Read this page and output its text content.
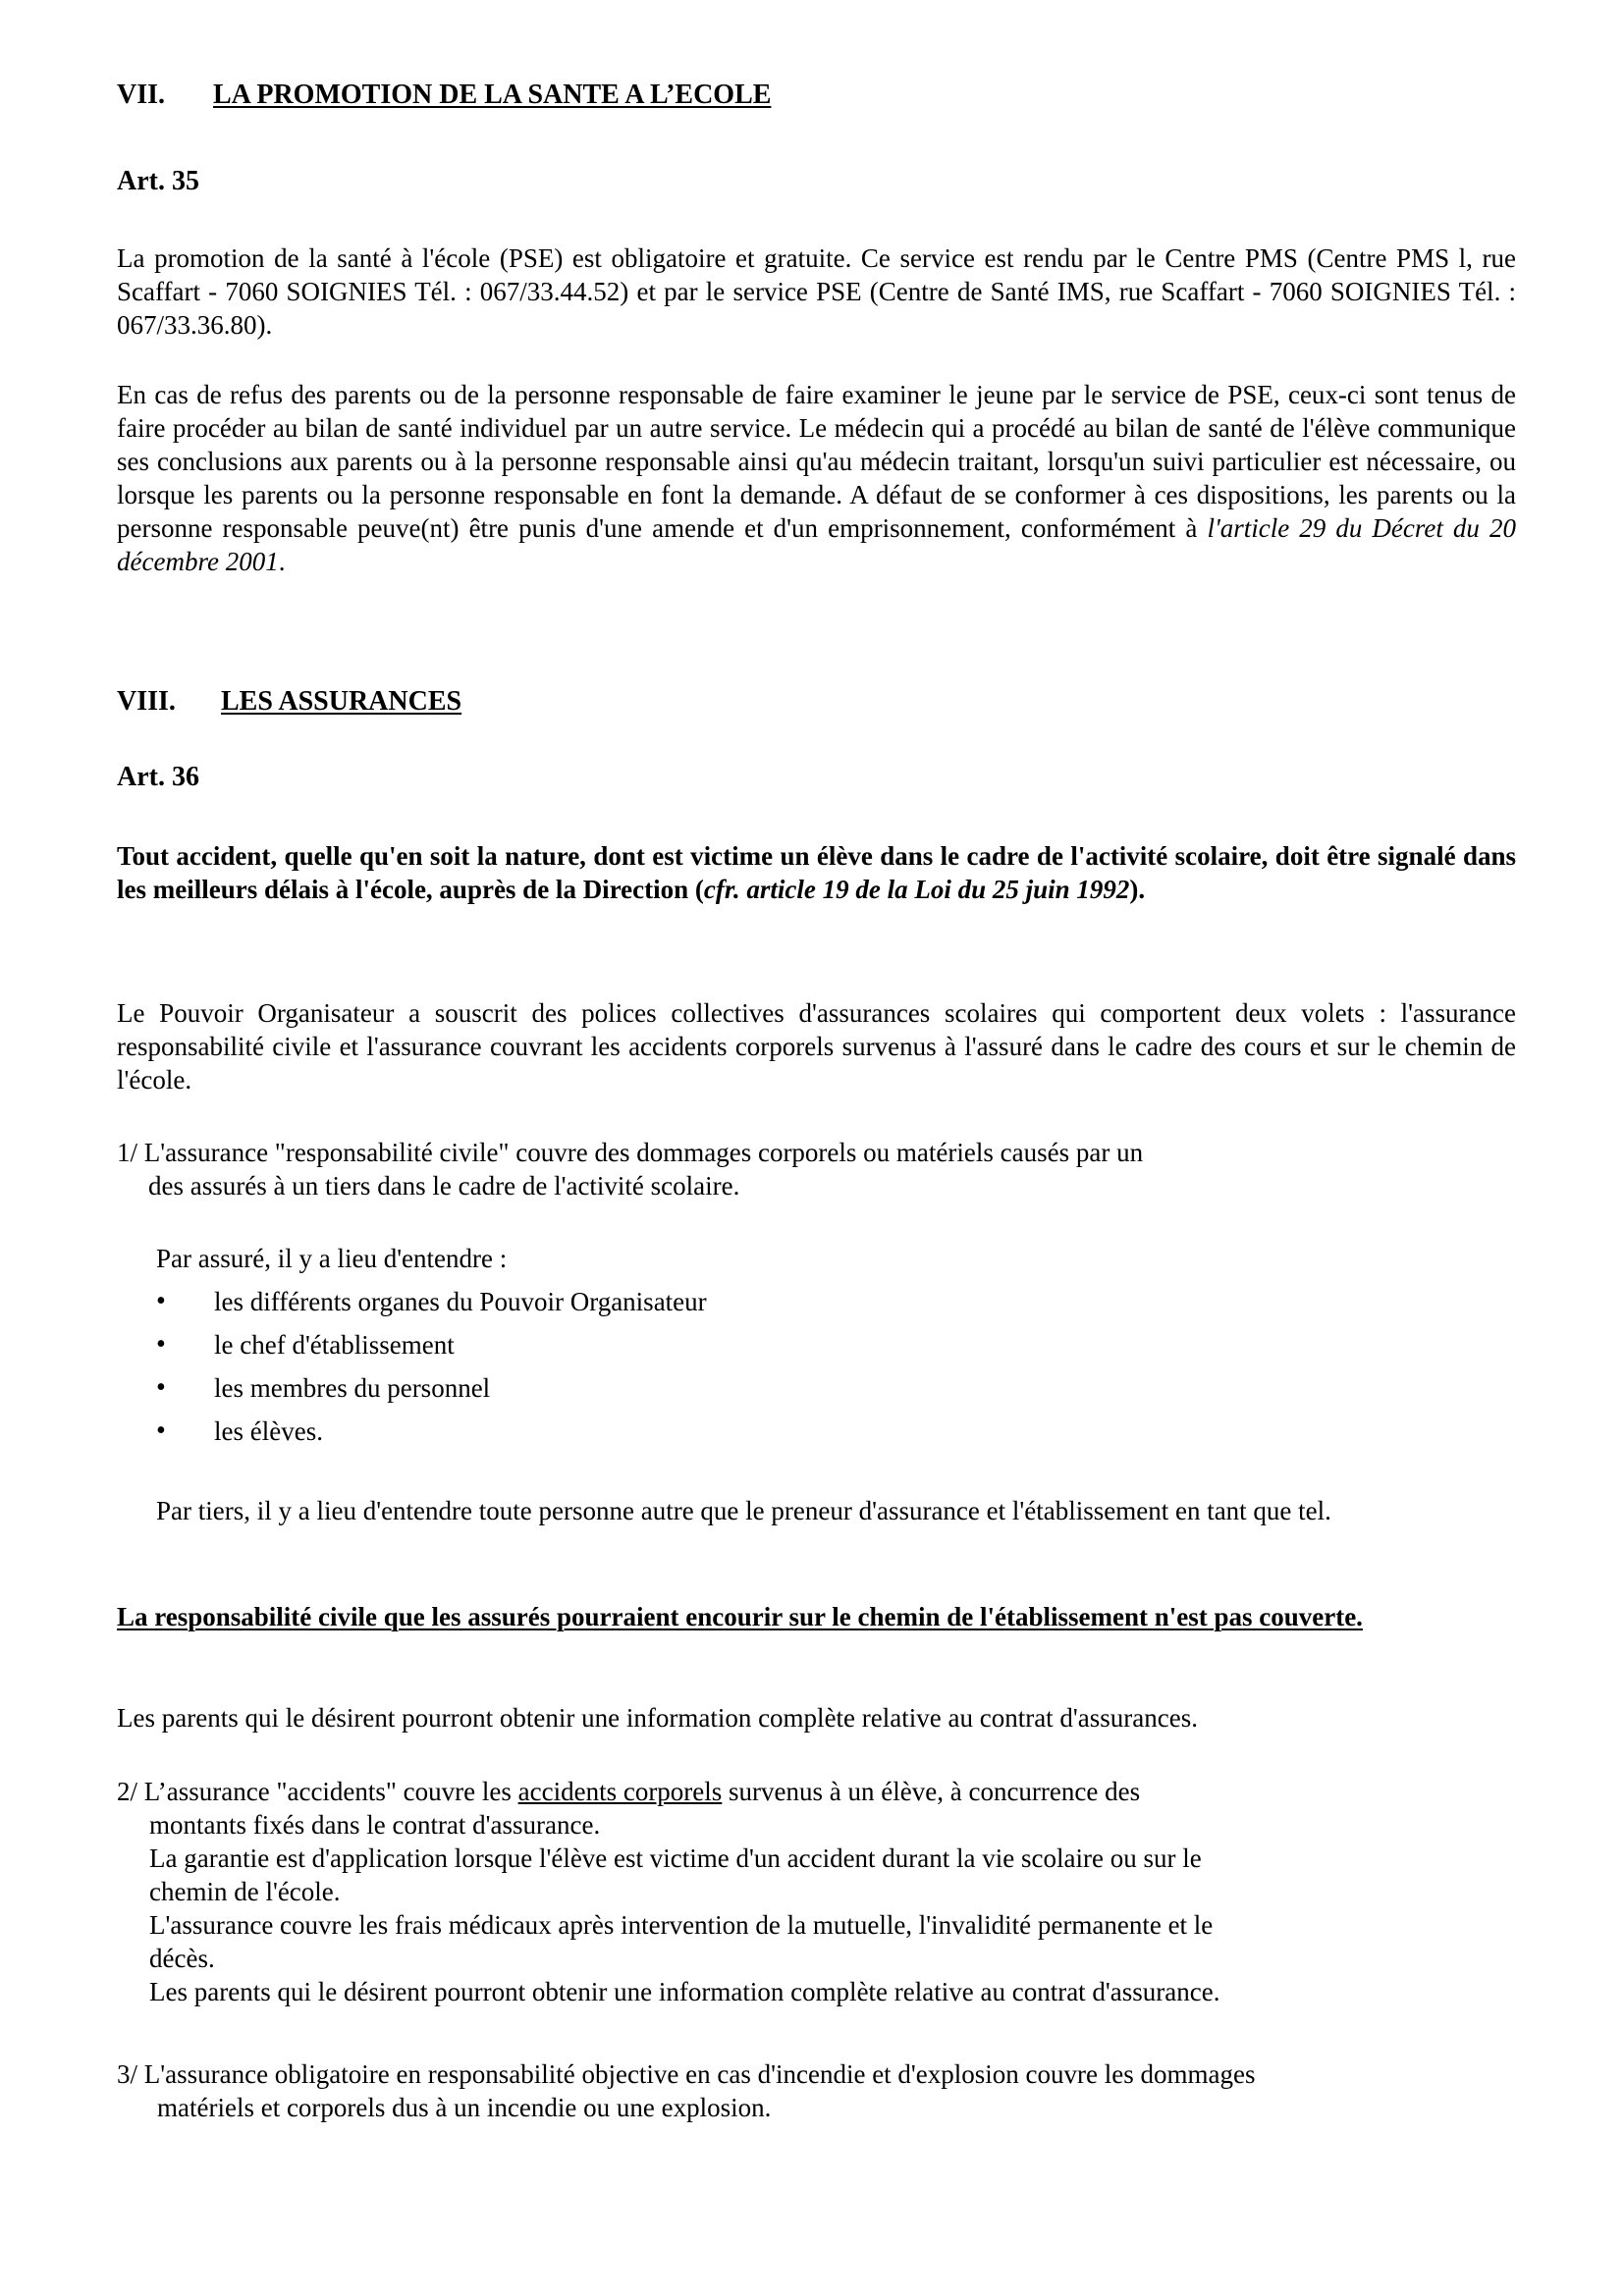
VII. LA PROMOTION DE LA SANTE A L’ECOLE
Art. 35
La promotion de la santé à l'école (PSE) est obligatoire et gratuite. Ce service est rendu par le Centre PMS (Centre PMS l, rue Scaffart - 7060 SOIGNIES Tél. : 067/33.44.52) et par le service PSE (Centre de Santé IMS, rue Scaffart - 7060 SOIGNIES Tél. : 067/33.36.80).
En cas de refus des parents ou de la personne responsable de faire examiner le jeune par le service de PSE, ceux-ci sont tenus de faire procéder au bilan de santé individuel par un autre service. Le médecin qui a procédé au bilan de santé de l'élève communique ses conclusions aux parents ou à la personne responsable ainsi qu'au médecin traitant, lorsqu'un suivi particulier est nécessaire, ou lorsque les parents ou la personne responsable en font la demande. A défaut de se conformer à ces dispositions, les parents ou la personne responsable peuve(nt) être punis d'une amende et d'un emprisonnement, conformément à l'article 29 du Décret du 20 décembre 2001.
VIII. LES ASSURANCES
Art. 36
Tout accident, quelle qu'en soit la nature, dont est victime un élève dans le cadre de l'activité scolaire, doit être signalé dans les meilleurs délais à l'école, auprès de la Direction (cfr. article 19 de la Loi du 25 juin 1992).
Le Pouvoir Organisateur a souscrit des polices collectives d'assurances scolaires qui comportent deux volets : l'assurance responsabilité civile et l'assurance couvrant les accidents corporels survenus à l'assuré dans le cadre des cours et sur le chemin de l'école.
1/ L'assurance "responsabilité civile" couvre des dommages corporels ou matériels causés par un
des assurés à un tiers dans le cadre de l'activité scolaire.
Par assuré, il y a lieu d'entendre :
•	les différents organes du Pouvoir Organisateur
•	le chef d'établissement
•	les membres du personnel
•	les élèves.
Par tiers, il y a lieu d'entendre toute personne autre que le preneur d'assurance et l'établissement en tant que tel.
La responsabilité civile que les assurés pourraient encourir sur le chemin de l'établissement n'est pas couverte.
Les parents qui le désirent pourront obtenir une information complète relative au contrat d'assurances.
2/ L’assurance "accidents" couvre les accidents corporels survenus à un élève, à concurrence des
montants fixés dans le contrat d'assurance.
La garantie est d'application lorsque l'élève est victime d'un accident durant la vie scolaire ou sur le
chemin de l'école.
L'assurance couvre les frais médicaux après intervention de la mutuelle, l'invalidité permanente et le
décès.
Les parents qui le désirent pourront obtenir une information complète relative au contrat d'assurance.
3/ L'assurance obligatoire en responsabilité objective en cas d'incendie et d'explosion couvre les dommages
matériels et corporels dus à un incendie ou une explosion.
